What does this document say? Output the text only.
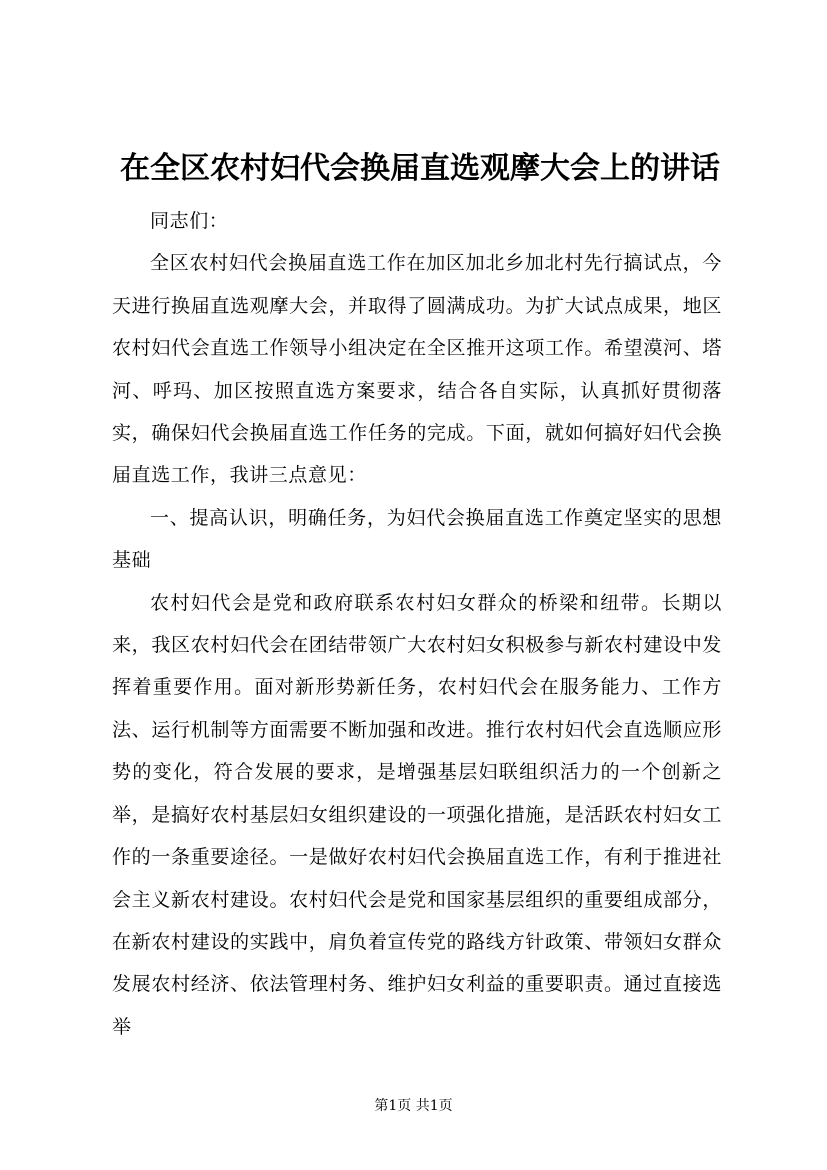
在全区农村妇代会换届直选观摩大会上的讲话

同志们：

全区农村妇代会换届直选工作在加区加北乡加北村先行搞试点，今天进行换届直选观摩大会，并取得了圆满成功。为扩大试点成果，地区农村妇代会直选工作领导小组决定在全区推开这项工作。希望漠河、塔河、呼玛、加区按照直选方案要求，结合各自实际，认真抓好贯彻落实，确保妇代会换届直选工作任务的完成。下面，就如何搞好妇代会换届直选工作，我讲三点意见：

一、提高认识，明确任务，为妇代会换届直选工作奠定坚实的思想基础

农村妇代会是党和政府联系农村妇女群众的桥梁和纽带。长期以来，我区农村妇代会在团结带领广大农村妇女积极参与新农村建设中发挥着重要作用。面对新形势新任务，农村妇代会在服务能力、工作方法、运行机制等方面需要不断加强和改进。推行农村妇代会直选顺应形势的变化，符合发展的要求，是增强基层妇联组织活力的一个创新之举，是搞好农村基层妇女组织建设的一项强化措施，是活跃农村妇女工作的一条重要途径。一是做好农村妇代会换届直选工作，有利于推进社会主义新农村建设。农村妇代会是党和国家基层组织的重要组成部分，在新农村建设的实践中，肩负着宣传党的路线方针政策、带领妇女群众发展农村经济、依法管理村务、维护妇女利益的重要职责。通过直接选举

第1页 共1页
